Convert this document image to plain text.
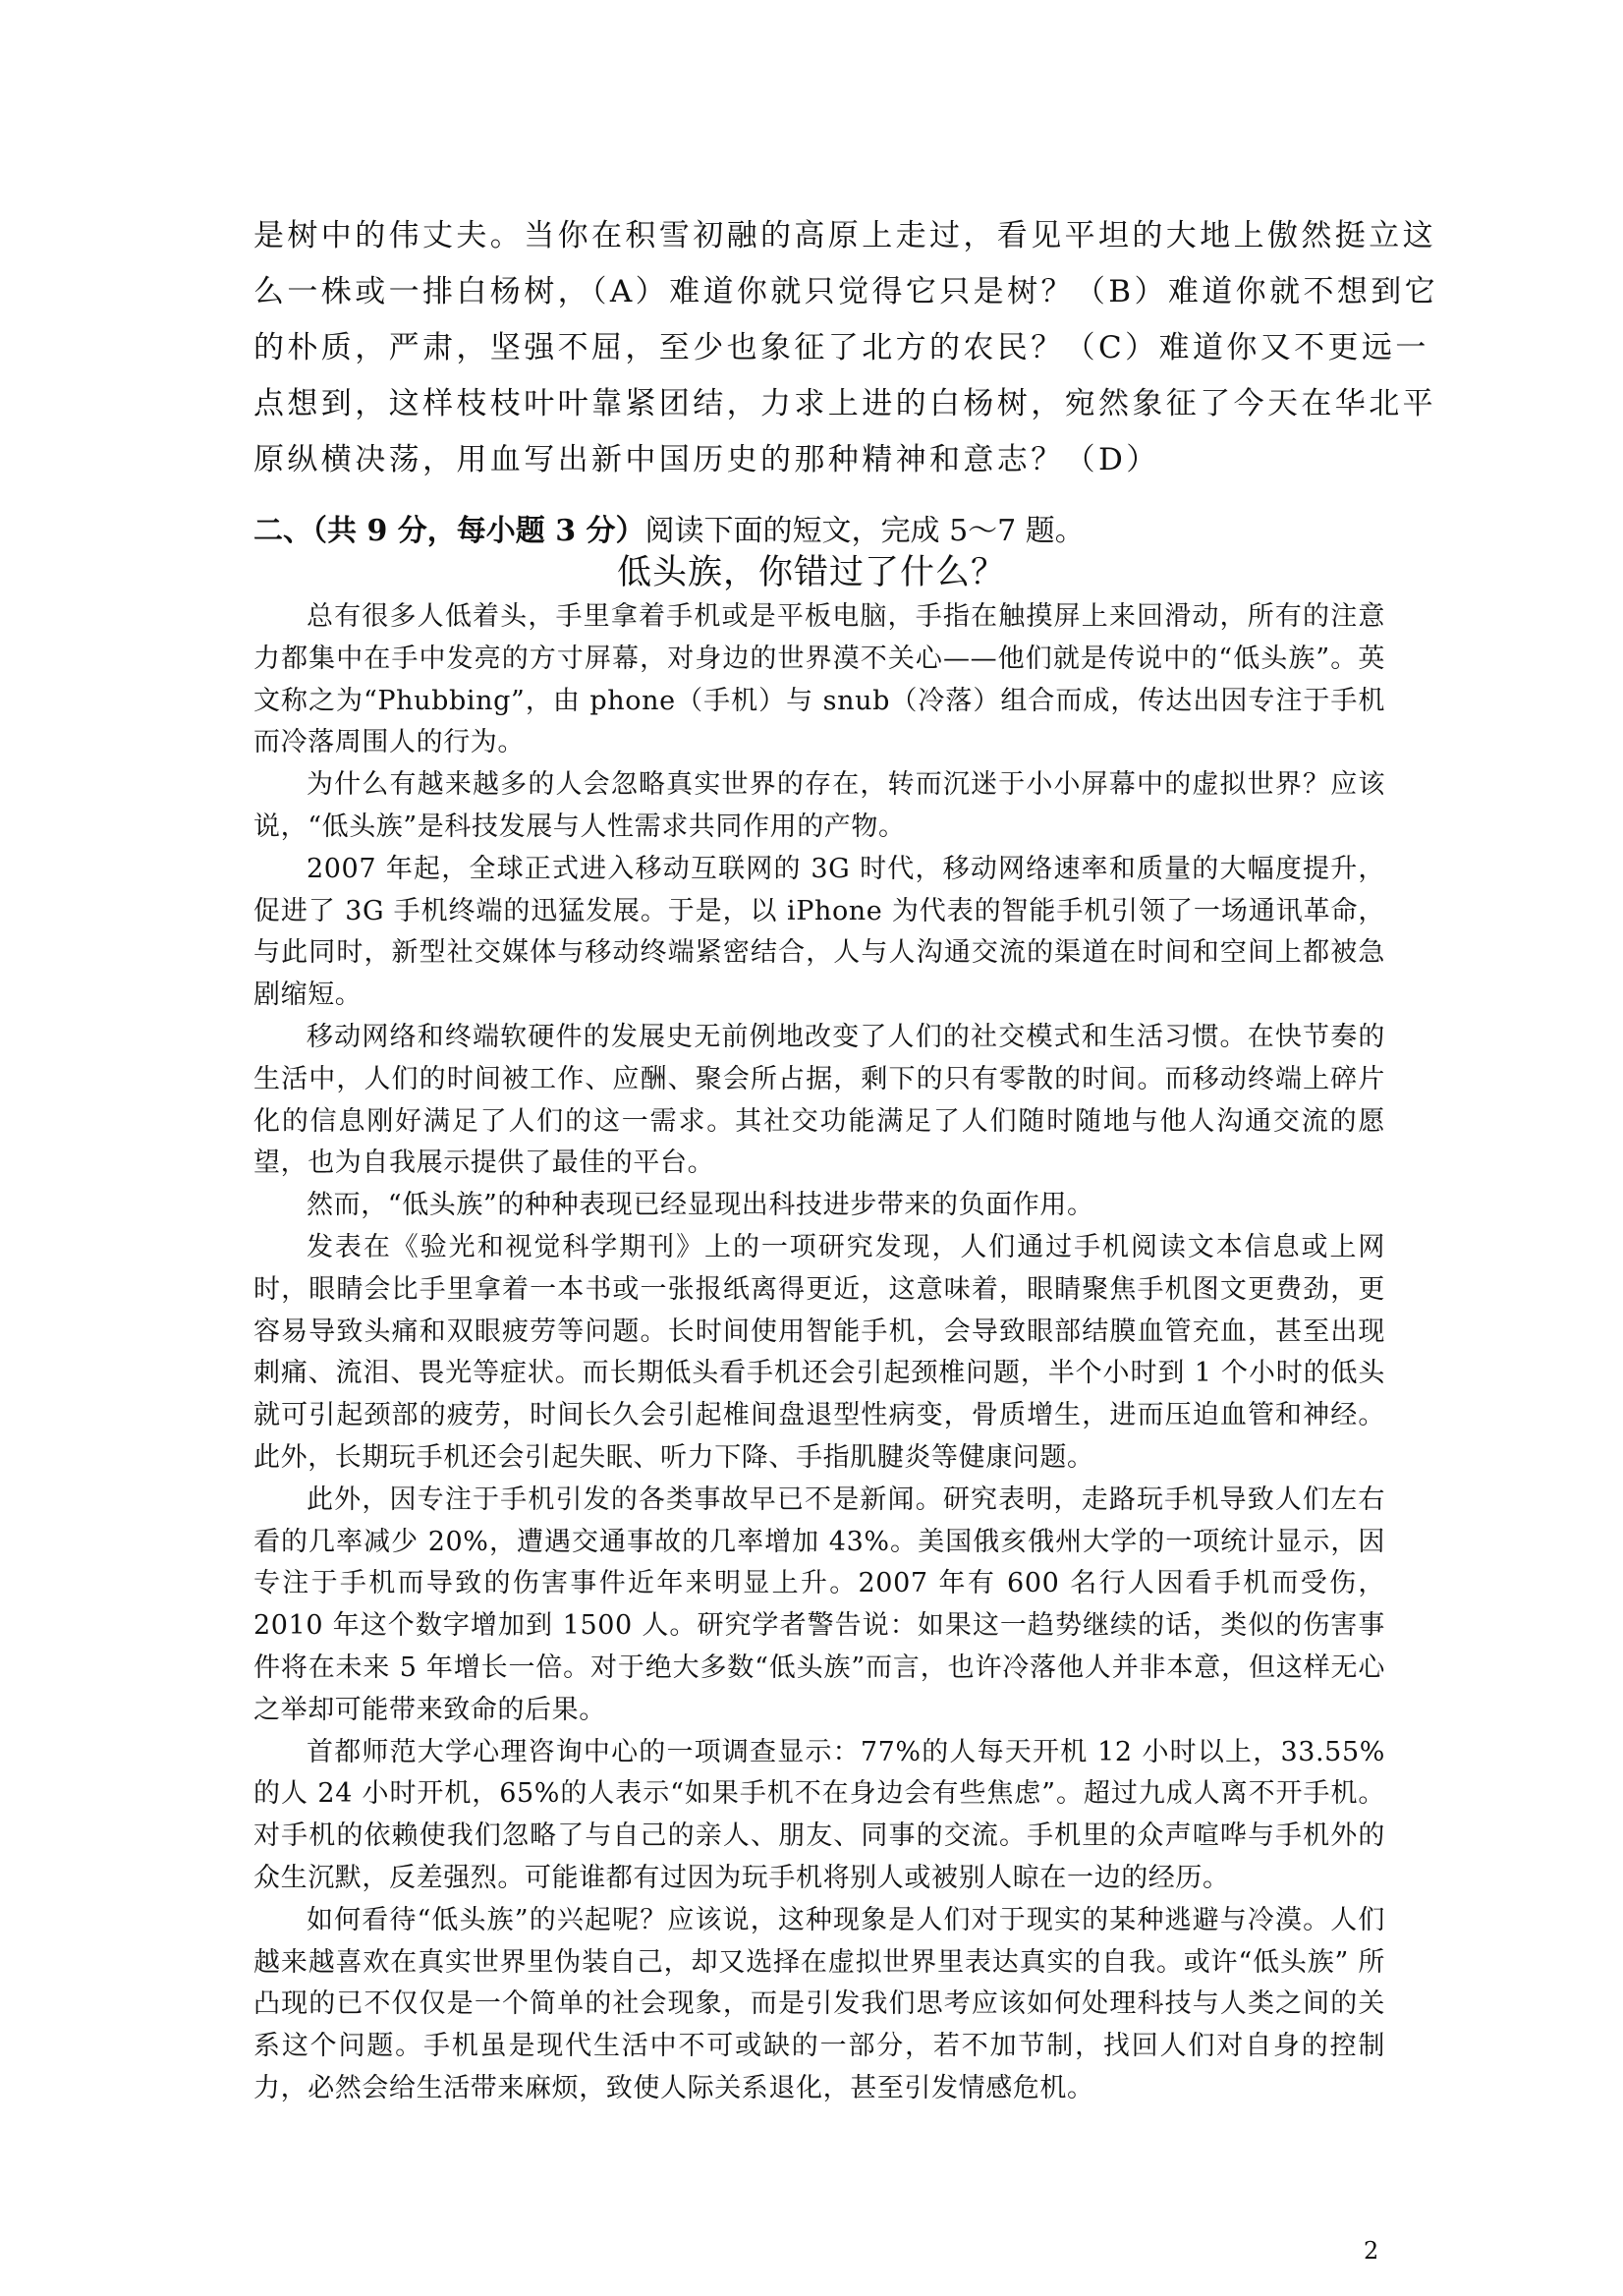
是树中的伟丈夫。当你在积雪初融的高原上走过，看见平坦的大地上傲然挺立这
么一株或一排白杨树，（A）难道你就只觉得它只是树？（B）难道你就不想到它
的朴质，严肃，坚强不屈，至少也象征了北方的农民？（C）难道你又不更远一
点想到，这样枝枝叶叶靠紧团结，力求上进的白杨树，宛然象征了今天在华北平
原纵横决荡，用血写出新中国历史的那种精神和意志？（D）
二、（共 9 分，每小题 3 分）阅读下面的短文，完成 5～7 题。
低头族，你错过了什么？

总有很多人低着头，手里拿着手机或是平板电脑，手指在触摸屏上来回滑动，所有的注意力都集中在手中发亮的方寸屏幕，对身边的世界漠不关心——他们就是传说中的“低头族”。英文称之为“Phubbing”，由 phone（手机）与 snub（冷落）组合而成，传达出因专注于手机而冷落周围人的行为。

为什么有越来越多的人会忽略真实世界的存在，转而沉迷于小小屏幕中的虚拟世界？应该说，“低头族”是科技发展与人性需求共同作用的产物。

2007 年起，全球正式进入移动互联网的 3G 时代，移动网络速率和质量的大幅度提升，促进了 3G 手机终端的迅猛发展。于是，以 iPhone 为代表的智能手机引领了一场通讯革命，与此同时，新型社交媒体与移动终端紧密结合，人与人沟通交流的渠道在时间和空间上都被急剧缩短。

移动网络和终端软硬件的发展史无前例地改变了人们的社交模式和生活习惯。在快节奏的生活中，人们的时间被工作、应酬、聚会所占据，剩下的只有零散的时间。而移动终端上碎片化的信息刚好满足了人们的这一需求。其社交功能满足了人们随时随地与他人沟通交流的愿望，也为自我展示提供了最佳的平台。

然而，“低头族”的种种表现已经显现出科技进步带来的负面作用。

发表在《验光和视觉科学期刊》上的一项研究发现，人们通过手机阅读文本信息或上网时，眼睛会比手里拿着一本书或一张报纸离得更近，这意味着，眼睛聚焦手机图文更费劲，更容易导致头痛和双眼疲劳等问题。长时间使用智能手机，会导致眼部结膜血管充血，甚至出现刺痛、流泪、畏光等症状。而长期低头看手机还会引起颈椎问题，半个小时到 1 个小时的低头就可引起颈部的疲劳，时间长久会引起椎间盘退型性病变，骨质增生，进而压迫血管和神经。此外，长期玩手机还会引起失眠、听力下降、手指肌腱炎等健康问题。

此外，因专注于手机引发的各类事故早已不是新闻。研究表明，走路玩手机导致人们左右看的几率减少 20%，遭遇交通事故的几率增加 43%。美国俄亥俄州大学的一项统计显示，因专注于手机而导致的伤害事件近年来明显上升。2007 年有 600 名行人因看手机而受伤，2010 年这个数字增加到 1500 人。研究学者警告说：如果这一趋势继续的话，类似的伤害事件将在未来 5 年增长一倍。对于绝大多数“低头族”而言，也许冷落他人并非本意，但这样无心之举却可能带来致命的后果。

首都师范大学心理咨询中心的一项调查显示：77%的人每天开机 12 小时以上，33.55%的人 24 小时开机，65%的人表示“如果手机不在身边会有些焦虑”。超过九成人离不开手机。对手机的依赖使我们忽略了与自己的亲人、朋友、同事的交流。手机里的众声喧哗与手机外的众生沉默，反差强烈。可能谁都有过因为玩手机将别人或被别人晾在一边的经历。

如何看待“低头族”的兴起呢？应该说，这种现象是人们对于现实的某种逃避与冷漠。人们越来越喜欢在真实世界里伪装自己，却又选择在虚拟世界里表达真实的自我。或许“低头族” 所凸现的已不仅仅是一个简单的社会现象，而是引发我们思考应该如何处理科技与人类之间的关系这个问题。手机虽是现代生活中不可或缺的一部分，若不加节制，找回人们对自身的控制力，必然会给生活带来麻烦，致使人际关系退化，甚至引发情感危机。

2
